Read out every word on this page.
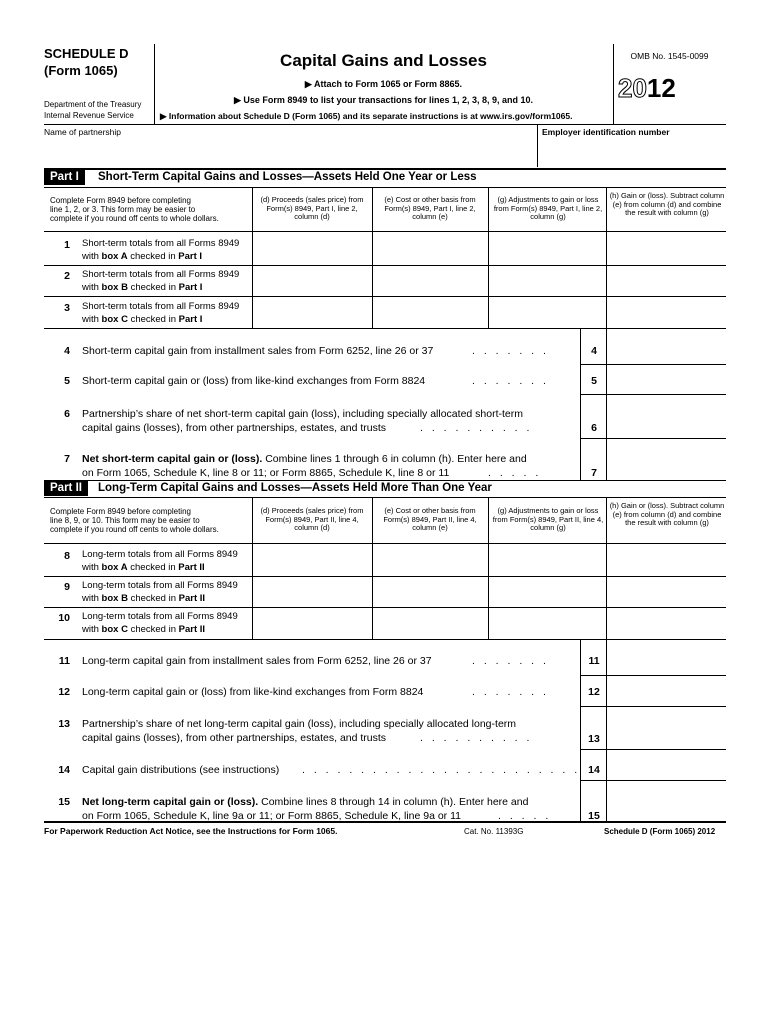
SCHEDULE D
(Form 1065)
Department of the Treasury
Internal Revenue Service
Capital Gains and Losses
▶ Attach to Form 1065 or Form 8865.
▶ Use Form 8949 to list your transactions for lines 1, 2, 3, 8, 9, and 10.
▶ Information about Schedule D (Form 1065) and its separate instructions is at www.irs.gov/form1065.
OMB No. 1545-0099
2012
Name of partnership	Employer identification number
Part I	Short-Term Capital Gains and Losses—Assets Held One Year or Less
Complete Form 8949 before completing
line 1, 2, or 3. This form may be easier to
complete if you round off cents to whole dollars.
(d) Proceeds (sales price) from Form(s) 8949, Part I, line 2, column (d)
(e) Cost or other basis from Form(s) 8949, Part I, line 2, column (e)
(g) Adjustments to gain or loss from Form(s) 8949, Part I, line 2, column (g)
(h) Gain or (loss). Subtract column (e) from column (d) and combine the result with column (g)
1 Short-term totals from all Forms 8949
with box A checked in Part I
2 Short-term totals from all Forms 8949
with box B checked in Part I
3 Short-term totals from all Forms 8949
with box C checked in Part I
4 Short-term capital gain from installment sales from Form 6252, line 26 or 37	. . . . . . .	4
5 Short-term capital gain or (loss) from like-kind exchanges from Form 8824	. . . . . . .	5
6 Partnership’s share of net short-term capital gain (loss), including specially allocated short-term
capital gains (losses), from other partnerships, estates, and trusts	. . . . . . . . . .	6
7 Net short-term capital gain or (loss). Combine lines 1 through 6 in column (h). Enter here and
on Form 1065, Schedule K, line 8 or 11; or Form 8865, Schedule K, line 8 or 11	. . . . .	7
Part II	Long-Term Capital Gains and Losses—Assets Held More Than One Year
Complete Form 8949 before completing
line 8, 9, or 10. This form may be easier to
complete if you round off cents to whole dollars.
(d) Proceeds (sales price) from Form(s) 8949, Part II, line 4, column (d)
(e) Cost or other basis from Form(s) 8949, Part II, line 4, column (e)
(g) Adjustments to gain or loss from Form(s) 8949, Part II, line 4, column (g)
(h) Gain or (loss). Subtract column (e) from column (d) and combine the result with column (g)
8 Long-term totals from all Forms 8949
with box A checked in Part II
9 Long-term totals from all Forms 8949
with box B checked in Part II
10 Long-term totals from all Forms 8949
with box C checked in Part II
11 Long-term capital gain from installment sales from Form 6252, line 26 or 37	. . . . . . .	11
12 Long-term capital gain or (loss) from like-kind exchanges from Form 8824	. . . . . . .	12
13 Partnership’s share of net long-term capital gain (loss), including specially allocated long-term
capital gains (losses), from other partnerships, estates, and trusts	. . . . . . . . . .	13
14 Capital gain distributions (see instructions) . . . . . . . . . . . . . . . . . . . . . . . . 14
15 Net long-term capital gain or (loss). Combine lines 8 through 14 in column (h). Enter here and
on Form 1065, Schedule K, line 9a or 11; or Form 8865, Schedule K, line 9a or 11	. . . . .	15
For Paperwork Reduction Act Notice, see the Instructions for Form 1065.	Cat. No. 11393G	Schedule D (Form 1065) 2012
